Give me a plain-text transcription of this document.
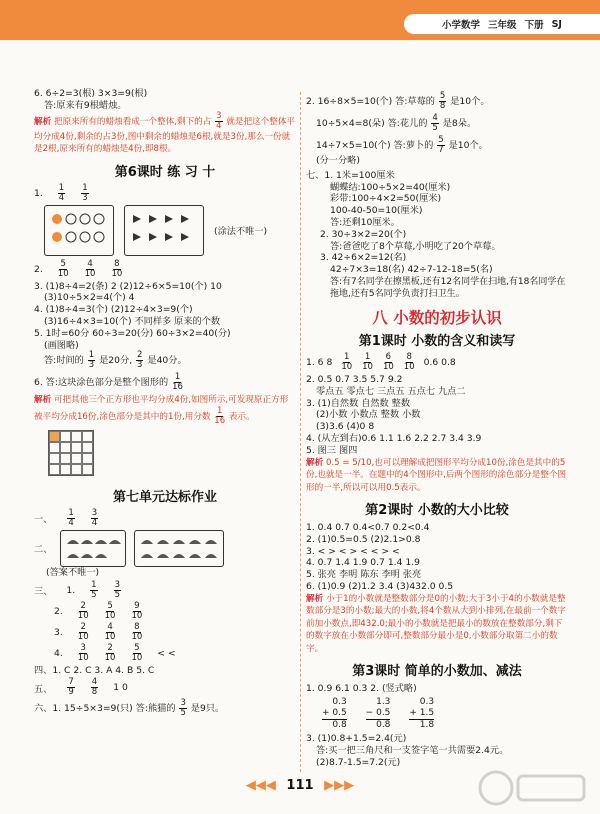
小学数学 三年级 下册 SJ
6. 6÷2=3(根) 3×3=9(根)
答:原来有9根蜡烛。
解析 把原来所有的蜡烛看成一个整体,剩下的占 $\frac{3}{4}$ 就是把这个整体平均分成4份,剩余的占3份,图中剩余的蜡烛是6根,就是3份,那么一份就是2根,原来所有的蜡烛是4份,即8根。
第6课时 练 习 十
1. $\frac{1}{4} \frac{1}{3}$
(涂法不唯一)
2. $\frac{5}{10} \frac{4}{10} \frac{8}{10}$
3. (1)8÷4=2(条) 2 (2)12÷6×5=10(个) 10
(3)10÷5×2=4(个) 4
4. (1)8÷4=3(个) (2)12÷4×3=9(个)
(3)16÷4×3=10(个) 不同样多 原来的个数
5. 1时=60分 60÷3=20(分) 60÷3×2=40(分)
(画图略)
答:时间的 $\frac{1}{3}$ 是20分, $\frac{2}{3}$ 是40分。
6. 答:这块涂色部分是整个图形的 $\frac{1}{16}$
解析 可把其他三个正方形也平均分成4份,如图所示,可发现原正方形被平均分成16份,涂色部分是其中的1份,用分数 $\frac{1}{16}$ 表示。
第七单元达标作业
一、 $\frac{1}{4} \frac{3}{4}$
二、
(答案不唯一)
三、 1. $\frac{1}{5} \frac{3}{5}$
2. $\frac{2}{10} \frac{5}{10} \frac{9}{10}$
3. $\frac{2}{10} \frac{4}{10} \frac{8}{10}$
4. $\frac{3}{10} \frac{2}{10} \frac{5}{10}$ < <
四、1. C 2. C 3. A 4. B 5. C
五、 $\frac{7}{9} \frac{4}{8} 1$ 0
六、1. 15÷5×3=9(只) 答:熊猫的 $\frac{3}{5}$ 是9只。
2. 16÷8×5=10(个) 答:草莓的 $\frac{5}{8}$ 是10个。
10÷5×4=8(朵) 答:花儿的 $\frac{4}{5}$ 是8朵。
14÷7×5=10(个) 答:萝卜的 $\frac{5}{7}$ 是10个。
(分一分略)
七、1. 1米=100厘米
蝴蝶结:100÷5×2=40(厘米)
彩带:100÷4×2=50(厘米)
100-40-50=10(厘米)
答:还剩10厘米。
2. 30÷3×2=20(个)
答:爸爸吃了8个草莓,小明吃了20个草莓。
3. 42÷6×2=12(名)
42÷7×3=18(名) 42÷7-12-18=5(名)
答:有7名同学在擦黑板,还有12名同学在扫地,有18名同学在拖地,还有5名同学负责打扫卫生。
八 小数的初步认识
第1课时 小数的含义和读写
1. 6 $8 \frac{1}{10} \frac{1}{10} \frac{6}{10} \frac{8}{10} 0.6$ 0.8
2. 0.5 0.7 3.5 5.7 9.2
零点五 零点七 三点五 五点七 九点二
3. (1)自然数 自然数 整数
(2)小数 小数点 整数 小数
(3)3.6 (4)0 8
4. (从左到右)0.6 1.1 1.6 2.2 2.7 3.4 3.9
5. 图三 图四
解析 0.5 = 5/10,也可以理解成把图形平均分成10份,涂色是其中的5份,也就是一半。在题中的4个图形中,后两个图形的涂色部分是整个图形的一半,所以可以用0.5表示。
第2课时 小数的大小比较
1. 0.4 0.7 0.4<0.7 0.2<0.4
2. (1)0.5=0.5 (2)2.1>0.8
3. < > < > < < > <
4. 0.7 1.4 1.9 0.7 1.4 1.9
5. 张亮 李明 陈东 李明 张亮
6. (1)0.9 (2)1.2 3.4 (3)432.0 0.5
解析 小于1的小数就是整数部分是0的小数;大于3小于4的小数就是整数部分是3的小数;最大的小数,将4个数从大到小排列,在最前一个数字前加小数点,即432.0;最小的小数就是把最小的数放在整数部分,剩下的数字放在小数部分即可,整数部分最小是0,小数部分取第二小的数字。
第3课时 简单的小数加、减法
1. 0.9 6.1 0.3 2. (竖式略)
0.3
+ 0.5
0.8

1.3
− 0.5
0.8

0.3
+ 1.5
1.8
3. (1)0.8+1.5=2.4(元)
答:买一把三角尺和一支签字笔一共需要2.4元。
(2)8.7-1.5=7.2(元)
◀◀◀ 111 ▶▶▶
